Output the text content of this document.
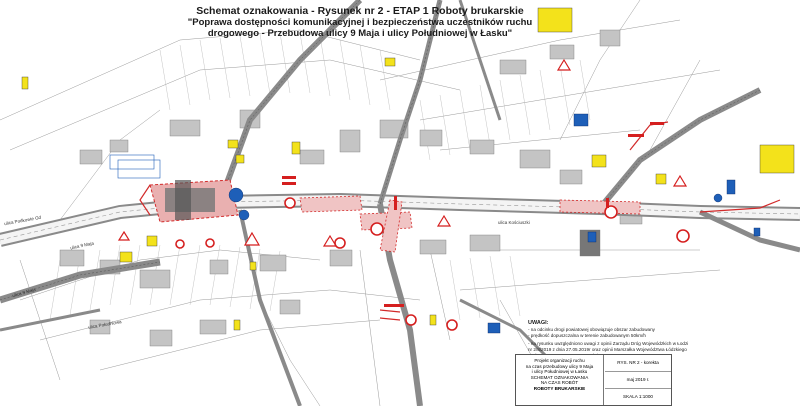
Schemat oznakowania - Rysunek nr 2 - ETAP 1 Roboty brukarskie
"Poprawa dostępności komunikacyjnej i bezpieczeństwa uczestników ruchu
drogowego - Przebudowa ulicy 9 Maja i ulicy Południowej w Łasku"
ulica Podkowie Gd
ulica 9 Maja
ulica 9 Maja
ulica Południowa
ulica Kościuszki
UWAGI:
- na odcinku drogi powiatowej obowiązuje obszar zabudowany
- prędkość dopuszczalna w terenie zabudowanym 50km/h
- na rysunku uwzględniono uwagi z opinii Zarządu Dróg Wojewódzkich w Łodzi
nr 2/8/2019 z dnia 27.05.2019r oraz opinii Marszałka Województwa Łódzkiego
Projekt organizacji ruchu
na czas przebudowy ulicy 9 Maja
i ulicy Południowej w Łasku
SCHEMAT OZNAKOWANIA
NA CZAS ROBÓT
ROBOTY BRUKARSKIE
RYS. NR 2 - korekta
maj 2019 r.
SKALA 1:1000
